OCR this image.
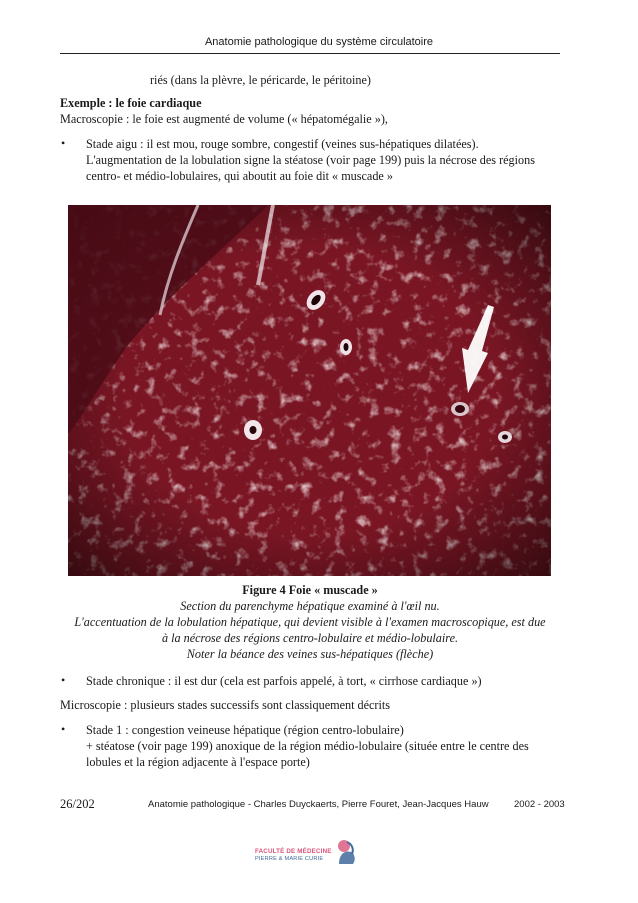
Anatomie pathologique du système circulatoire
riés (dans la plèvre, le péricarde, le péritoine)
Exemple : le foie cardiaque
Macroscopie : le foie est augmenté de volume (« hépatomégalie »),
• Stade aigu : il est mou, rouge sombre, congestif (veines sus-hépatiques dilatées).
L'augmentation de la lobulation signe la stéatose (voir page 199) puis la nécrose des régions
centro- et médio-lobulaires, qui aboutit au foie dit « muscade »
Figure 4 Foie « muscade »
Section du parenchyme hépatique examiné à l'œil nu.
L'accentuation de la lobulation hépatique, qui devient visible à l'examen macroscopique, est due
à la nécrose des régions centro-lobulaire et médio-lobulaire.
Noter la béance des veines sus-hépatiques (flèche)
• Stade chronique : il est dur (cela est parfois appelé, à tort, « cirrhose cardiaque »)
Microscopie : plusieurs stades successifs sont classiquement décrits
• Stade 1 : congestion veineuse hépatique (région centro-lobulaire)
+ stéatose (voir page 199) anoxique de la région médio-lobulaire (située entre le centre des
lobules et la région adjacente à l'espace porte)
26/202	Anatomie pathologique - Charles Duyckaerts, Pierre Fouret, Jean-Jacques Hauw	2002 - 2003
FACULTÉ DE MÉDECINE
PIERRE & MARIE CURIE
